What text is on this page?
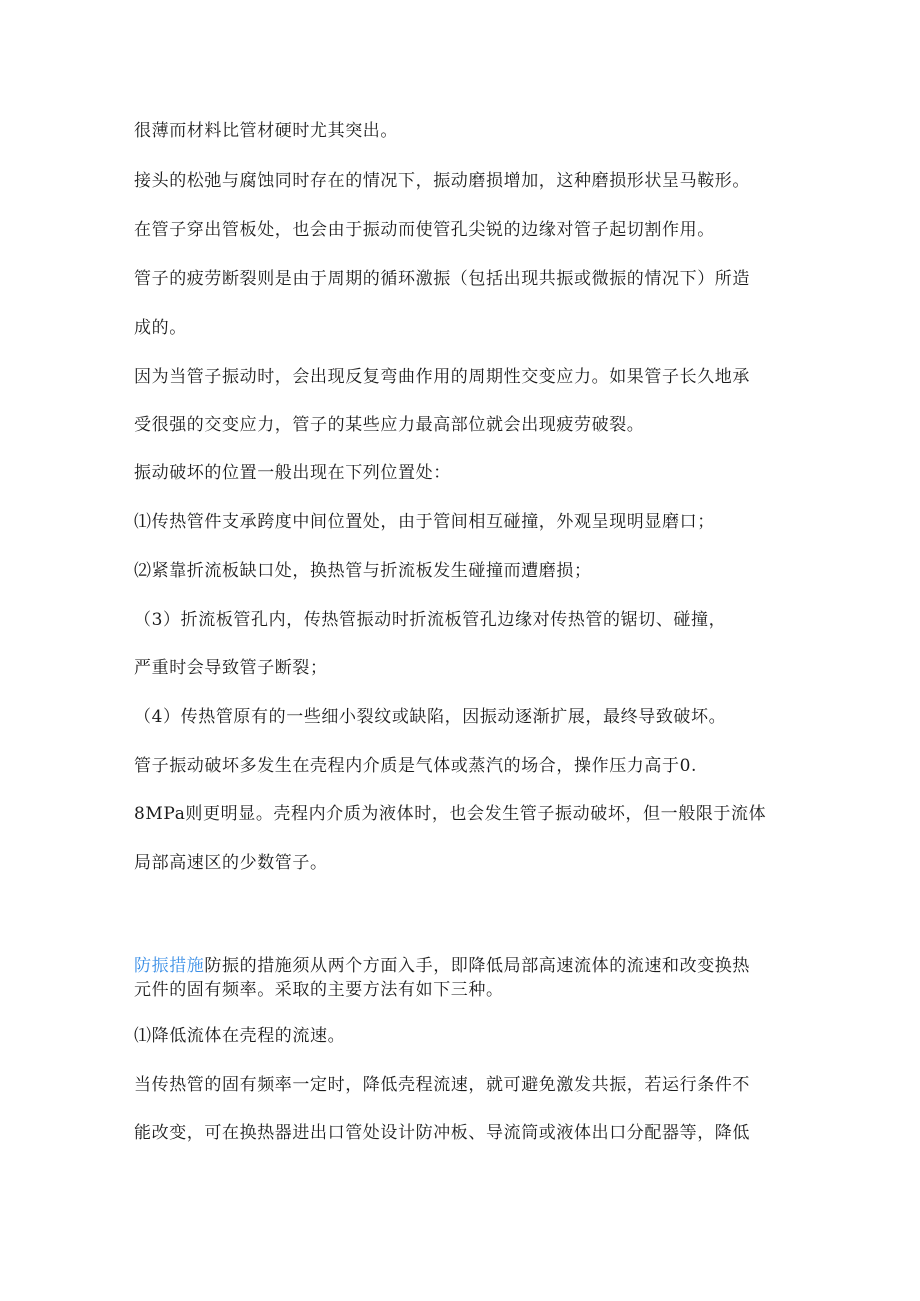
很薄而材料比管材硬时尤其突出。
接头的松弛与腐蚀同时存在的情况下，振动磨损增加，这种磨损形状呈马鞍形。
在管子穿出管板处，也会由于振动而使管孔尖锐的边缘对管子起切割作用。
管子的疲劳断裂则是由于周期的循环激振（包括出现共振或微振的情况下）所造
成的。
因为当管子振动时，会出现反复弯曲作用的周期性交变应力。如果管子长久地承
受很强的交变应力，管子的某些应力最高部位就会出现疲劳破裂。
振动破坏的位置一般出现在下列位置处：
⑴传热管件支承跨度中间位置处，由于管间相互碰撞，外观呈现明显磨口；
⑵紧靠折流板缺口处，换热管与折流板发生碰撞而遭磨损；
（3）折流板管孔内，传热管振动时折流板管孔边缘对传热管的锯切、碰撞，
严重时会导致管子断裂；
（4）传热管原有的一些细小裂纹或缺陷，因振动逐渐扩展，最终导致破坏。
管子振动破坏多发生在壳程内介质是气体或蒸汽的场合，操作压力高于0.
8MPa则更明显。壳程内介质为液体时，也会发生管子振动破坏，但一般限于流体
局部高速区的少数管子。
防振措施防振的措施须从两个方面入手，即降低局部高速流体的流速和改变换热
元件的固有频率。采取的主要方法有如下三种。
⑴降低流体在壳程的流速。
当传热管的固有频率一定时，降低壳程流速，就可避免激发共振，若运行条件不
能改变，可在换热器进出口管处设计防冲板、导流筒或液体出口分配器等，降低
